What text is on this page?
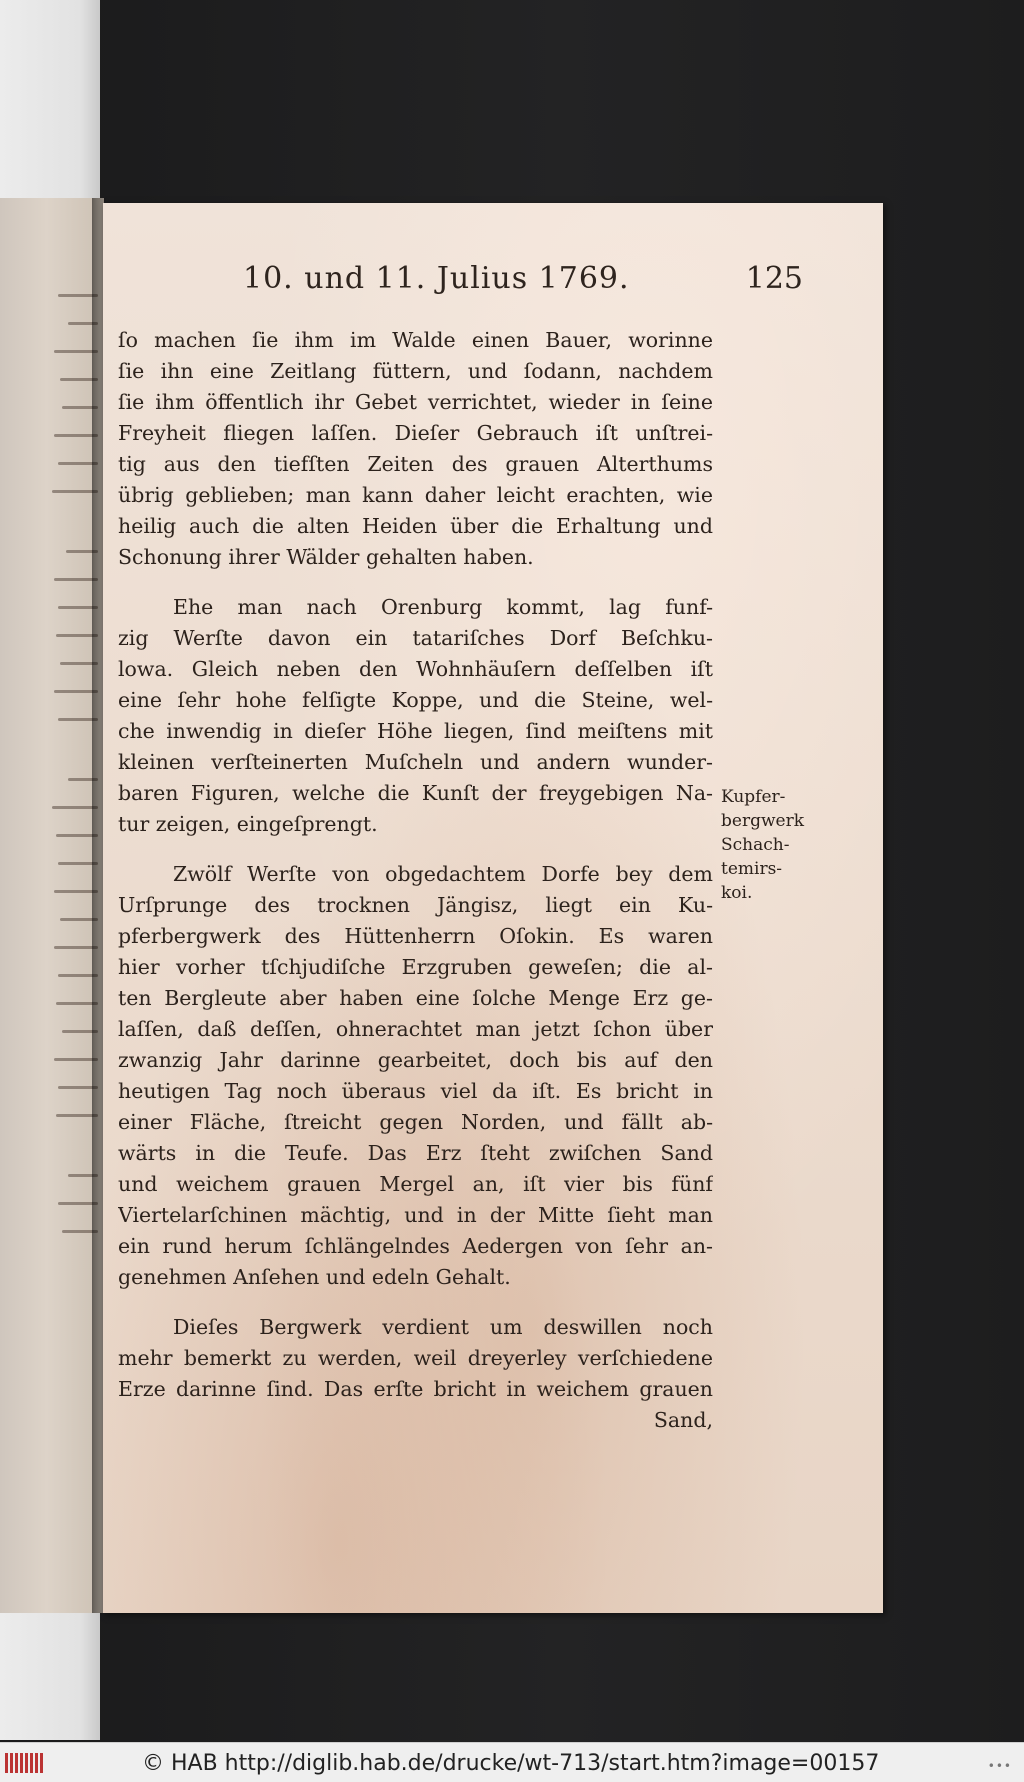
10. und 11. Julius 1769.	125
ſo machen ſie ihm im Walde einen Bauer, worinne
ſie ihn eine Zeitlang füttern, und ſodann, nachdem
ſie ihm öffentlich ihr Gebet verrichtet, wieder in ſeine
Freyheit fliegen laſſen. Dieſer Gebrauch iſt unſtrei-
tig aus den tiefſten Zeiten des grauen Alterthums
übrig geblieben; man kann daher leicht erachten, wie
heilig auch die alten Heiden über die Erhaltung und
Schonung ihrer Wälder gehalten haben.
Ehe man nach Orenburg kommt, lag funf-
zig Werſte davon ein tatariſches Dorf Beſchku-
lowa. Gleich neben den Wohnhäuſern deſſelben iſt
eine ſehr hohe felſigte Koppe, und die Steine, wel-
che inwendig in dieſer Höhe liegen, ſind meiſtens mit
kleinen verſteinerten Muſcheln und andern wunder-
baren Figuren, welche die Kunſt der freygebigen Na-
tur zeigen, eingeſprengt.
Zwölf Werſte von obgedachtem Dorfe bey dem
Urſprunge des trocknen Jängisz, liegt ein Ku-
pferbergwerk des Hüttenherrn Oſokin. Es waren
hier vorher tſchjudiſche Erzgruben geweſen; die al-
ten Bergleute aber haben eine ſolche Menge Erz ge-
laſſen, daß deſſen, ohnerachtet man jetzt ſchon über
zwanzig Jahr darinne gearbeitet, doch bis auf den
heutigen Tag noch überaus viel da iſt. Es bricht in
einer Fläche, ſtreicht gegen Norden, und fällt ab-
wärts in die Teufe. Das Erz ſteht zwiſchen Sand
und weichem grauen Mergel an, iſt vier bis fünf
Viertelarſchinen mächtig, und in der Mitte ſieht man
ein rund herum ſchlängelndes Aedergen von ſehr an-
genehmen Anſehen und edeln Gehalt.
Dieſes Bergwerk verdient um deswillen noch
mehr bemerkt zu werden, weil dreyerley verſchiedene
Erze darinne ſind. Das erſte bricht in weichem grauen
Sand,
Kupfer-
bergwerk
Schach-
temirs-
koi.
© HAB http://diglib.hab.de/drucke/wt-713/start.htm?image=00157	•••
